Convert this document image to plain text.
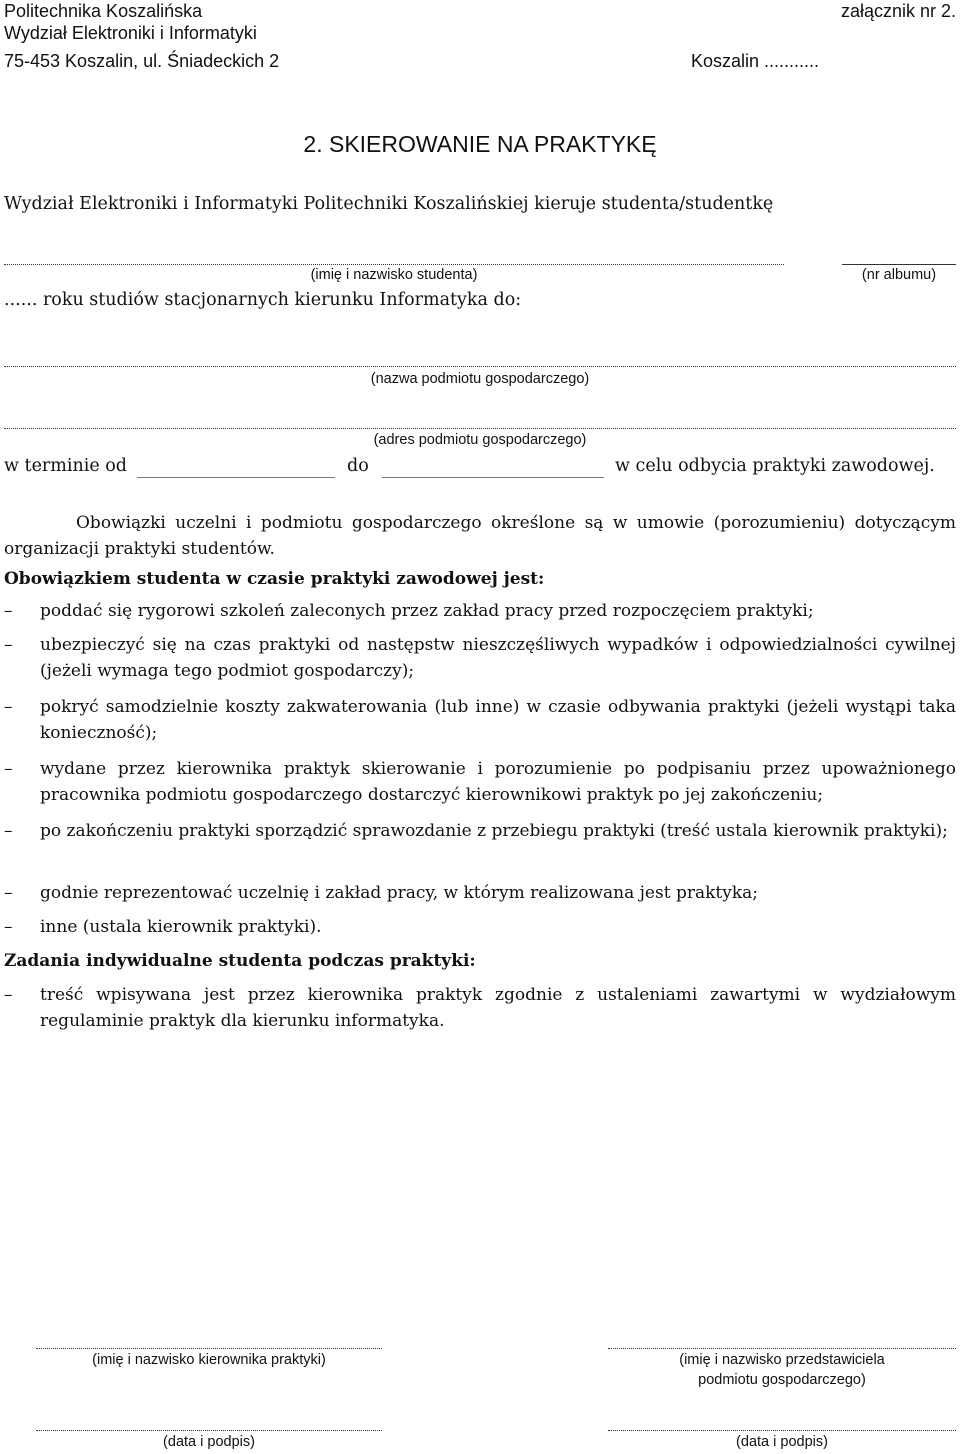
Politechnika Koszalińska
Wydział Elektroniki i Informatyki
75-453 Koszalin, ul. Śniadeckich 2
załącznik nr 2.
Koszalin ...........
2. SKIEROWANIE NA PRAKTYKĘ
Wydział Elektroniki i Informatyki Politechniki Koszalińskiej kieruje studenta/studentkę
(imię i nazwisko studenta)	(nr albumu)
...... roku studiów stacjonarnych kierunku Informatyka do:
(nazwa podmiotu gospodarczego)
(adres podmiotu gospodarczego)
w terminie od	do	w celu odbycia praktyki zawodowej.
Obowiązki uczelni i podmiotu gospodarczego określone są w umowie (porozumieniu) dotyczącym organizacji praktyki studentów.
Obowiązkiem studenta w czasie praktyki zawodowej jest:
– poddać się rygorowi szkoleń zaleconych przez zakład pracy przed rozpoczęciem praktyki;
– ubezpieczyć się na czas praktyki od następstw nieszczęśliwych wypadków i odpowiedzialności cywilnej (jeżeli wymaga tego podmiot gospodarczy);
– pokryć samodzielnie koszty zakwaterowania (lub inne) w czasie odbywania praktyki (jeżeli wystąpi taka konieczność);
– wydane przez kierownika praktyk skierowanie i porozumienie po podpisaniu przez upoważnionego pracownika podmiotu gospodarczego dostarczyć kierownikowi praktyk po jej zakończeniu;
– po zakończeniu praktyki sporządzić sprawozdanie z przebiegu praktyki (treść ustala kierownik praktyki);
– godnie reprezentować uczelnię i zakład pracy, w którym realizowana jest praktyka;
– inne (ustala kierownik praktyki).
Zadania indywidualne studenta podczas praktyki:
– treść wpisywana jest przez kierownika praktyk zgodnie z ustaleniami zawartymi w wydziałowym regulaminie praktyk dla kierunku informatyka.
(imię i nazwisko kierownika praktyki)	(imię i nazwisko przedstawiciela
podmiotu gospodarczego)
(data i podpis)	(data i podpis)
